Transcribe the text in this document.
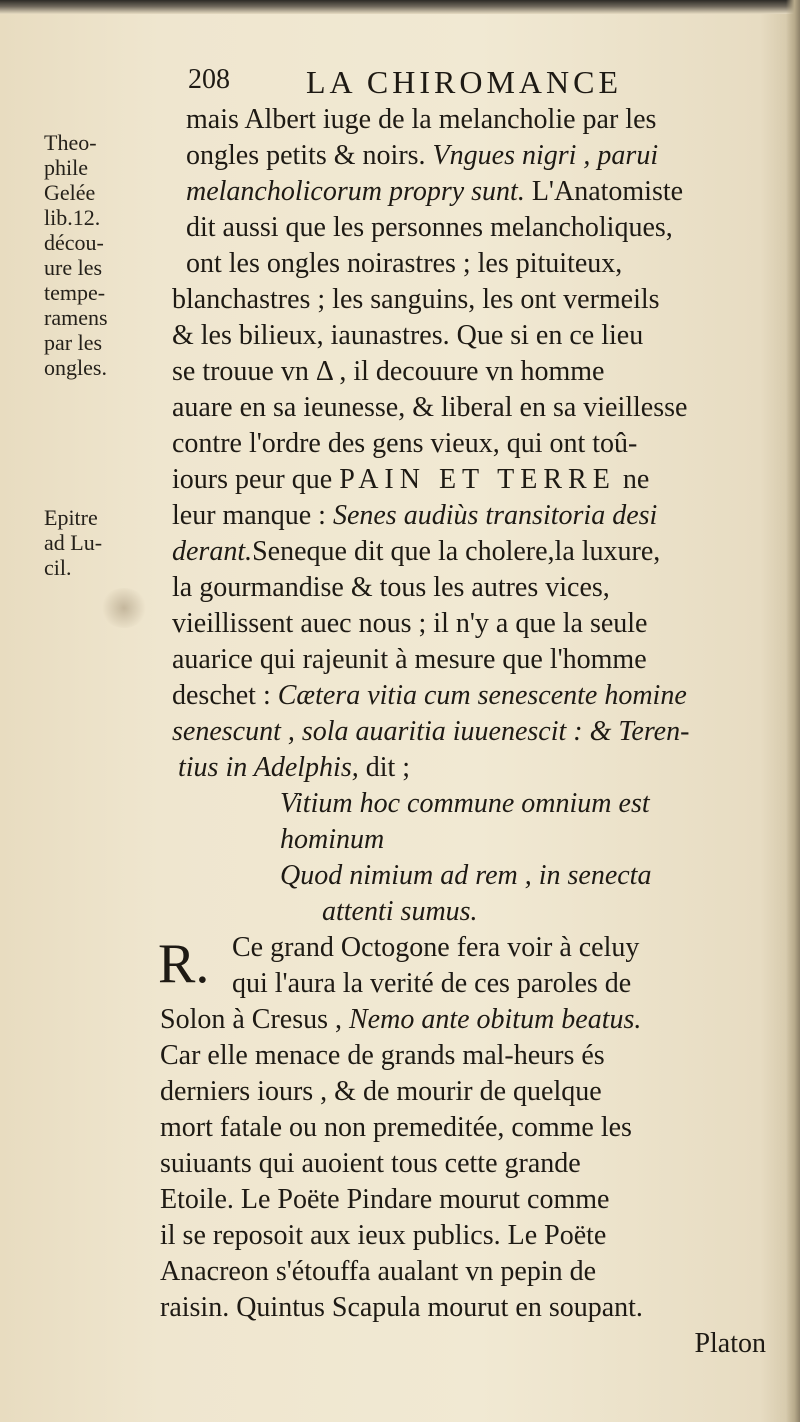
208 LA CHIROMANCE
Theo-
phile
Gelée
lib.12.
décou-
ure les
tempe-
ramens
par les
ongles.
Epitre
ad Lu-
cil.
mais Albert iuge de la melancholie par les
ongles petits & noirs. Vngues nigri , parui
melancholicorum propry sunt. L'Anatomiste
dit aussi que les personnes melancholiques,
ont les ongles noirastres ; les pituiteux,
blanchastres ; les sanguins, les ont vermeils
& les bilieux, iaunastres. Que si en ce lieu
se trouue vn Δ , il decouure vn homme
auare en sa ieunesse, & liberal en sa vieillesse
contre l'ordre des gens vieux, qui ont toû-
iours peur que PAIN ET TERRE ne
leur manque : Senes audiùs transitoria desi
derant.Seneque dit que la cholere,la luxure,
la gourmandise & tous les autres vices,
vieillissent auec nous ; il n'y a que la seule
auarice qui rajeunit à mesure que l'homme
deschet : Cætera vitia cum senescente homine
senescunt , sola auaritia iuuenescit : & Teren-
tius in Adelphis, dit ;
Vitium hoc commune omnium est
hominum
Quod nimium ad rem , in senecta
attenti sumus.
R. Ce grand Octogone fera voir à celuy
qui l'aura la verité de ces paroles de
Solon à Cresus , Nemo ante obitum beatus.
Car elle menace de grands mal-heurs és
derniers iours , & de mourir de quelque
mort fatale ou non premeditée, comme les
suiuants qui auoient tous cette grande
Etoile. Le Poëte Pindare mourut comme
il se reposoit aux ieux publics. Le Poëte
Anacreon s'étouffa aualant vn pepin de
raisin. Quintus Scapula mourut en soupant.
Platon
